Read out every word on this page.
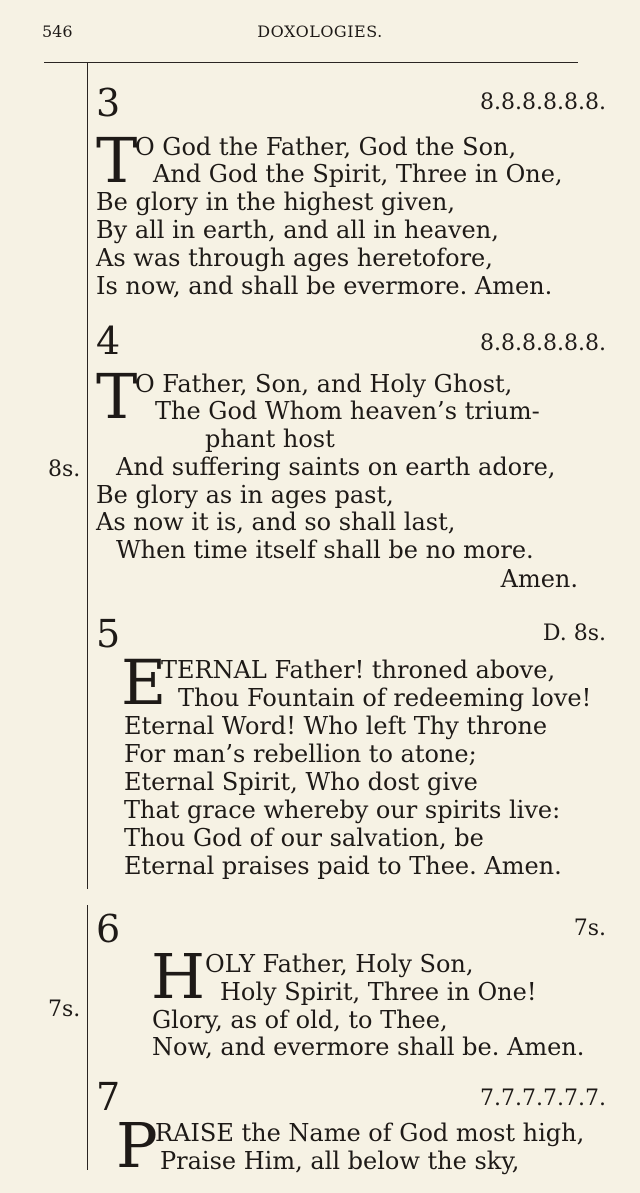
546	DOXOLOGIES.
3	8.8.8.8.8.8.
T
O God the Father, God the Son,
And God the Spirit, Three in One,
Be glory in the highest given,
By all in earth, and all in heaven,
As was through ages heretofore,
Is now, and shall be evermore. Amen.
4	8.8.8.8.8.8.
T
O Father, Son, and Holy Ghost,
The God Whom heaven’s trium-
phant host
8s. And suffering saints on earth adore,
Be glory as in ages past,
As now it is, and so shall last,
When time itself shall be no more.
Amen.
5	D. 8s.
E
TERNAL Father! throned above,
Thou Fountain of redeeming love!
Eternal Word! Who left Thy throne
For man’s rebellion to atone;
Eternal Spirit, Who dost give
That grace whereby our spirits live:
Thou God of our salvation, be
Eternal praises paid to Thee. Amen.
6	7s.
H OLY Father, Holy Son,
7s.
Holy Spirit, Three in One!
Glory, as of old, to Thee,
Now, and evermore shall be. Amen.
7	7.7.7.7.7.7.
P
RAISE the Name of God most high,
Praise Him, all below the sky,
